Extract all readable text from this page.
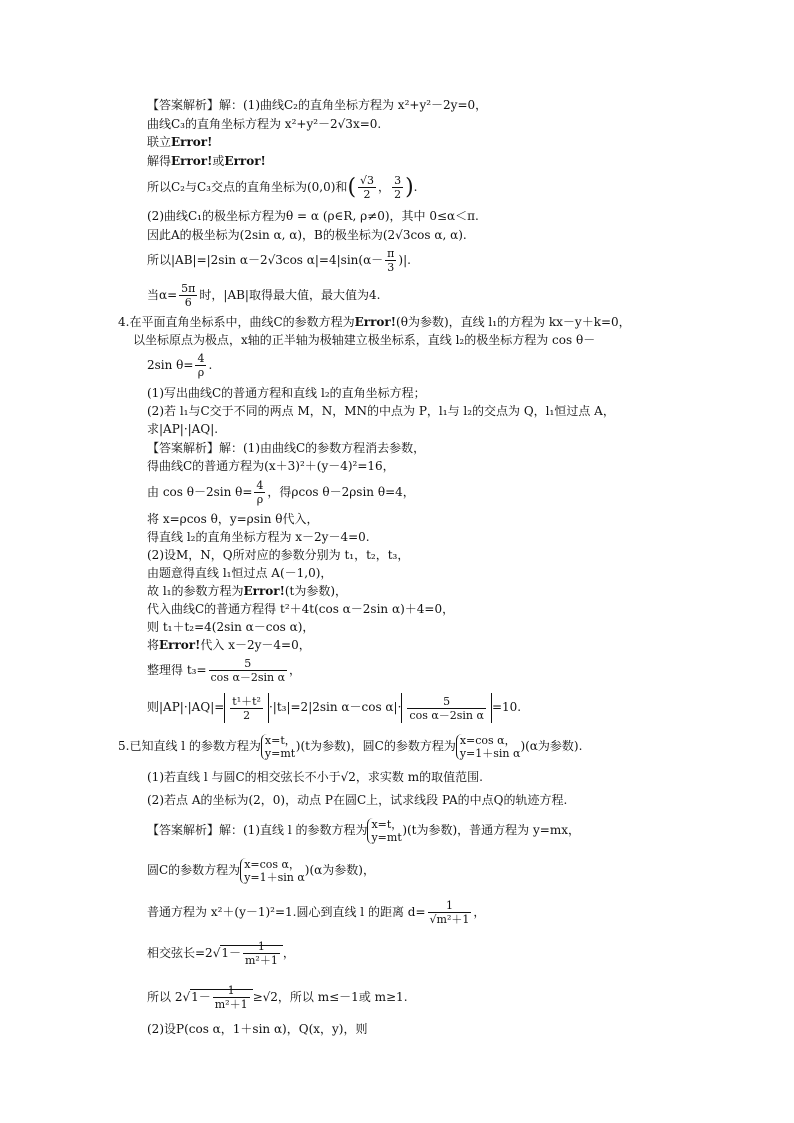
【答案解析】解：(1)曲线C₂的直角坐标方程为 x²+y²－2y=0，
曲线C₃的直角坐标方程为 x²+y²－2√3x=0.
联立Error!
解得Error!或Error!
所以C₂与C₃交点的直角坐标为(0,0)和( $\frac{√3}{2}$ ， $\frac{3}{2}$ ).
(2)曲线C₁的极坐标方程为θ = α (ρ∈R, ρ≠0)，其中 0≤α＜π.
因此A的极坐标为(2sin α, α)，B的极坐标为(2√3cos α, α).
所以|AB|=|2sin α－2√3cos $\alpha|=4|\sin(\alpha- \frac{\pi}{3}$ )|.
当$\alpha= \frac{5\pi}{6}$ 时，|AB|取得最大值，最大值为4.
4.在平面直角坐标系中，曲线C的参数方程为Error!(θ为参数)，直线 l₁的方程为 kx－y＋k=0，
以坐标原点为极点，x轴的正半轴为极轴建立极坐标系，直线 l₂的极坐标方程为 cos θ－
2sin $\theta= \frac{4}{\rho}$ .
(1)写出曲线C的普通方程和直线 l₂的直角坐标方程；
(2)若 l₁与C交于不同的两点 M，N，MN的中点为 P，l₁与 l₂的交点为 Q，l₁恒过点 A，
求|AP|·|AQ|.
【答案解析】解：(1)由曲线C的参数方程消去参数，
得曲线C的普通方程为(x＋3)²＋(y－4)²=16，
由 cos θ－2sin $\theta= \frac{4}{\rho}$ ，得ρcos θ－2ρsin θ=4，
将 x=ρcos θ，y=ρsin θ代入，
得直线 l₂的直角坐标方程为 x－2y－4=0.
(2)设M，N，Q所对应的参数分别为 t₁，t₂，t₃，
由题意得直线 l₁恒过点 A(－1,0)，
故 l₁的参数方程为Error!(t为参数)，
代入曲线C的普通方程得 t²＋4t(cos α－2sin α)＋4=0，
则 t₁＋t₂=4(2sin α－cos α)，
将Error!代入 x－2y－4=0，
整理得 $t_3= \frac{5}{\text{cos α－2sin α}}$ ，
则$|AP|\cdot|AQ|= \frac{\text{t¹＋t²}}{2} \cdot|t_3|=2|2\sin$ α－cos $\alpha|\cdot \frac{5}{\text{cos α－2sin α}} =10$.
5.已知直线 l 的参数方程为 x=t，
y=mt )(t为参数)，圆C的参数方程为 x=cos α，
y=1＋sin α )(α为参数).
(1)若直线 l 与圆C的相交弦长不小于√2，求实数 m的取值范围.
(2)若点 A的坐标为(2，0)，动点 P在圆C上，试求线段 PA的中点Q的轨迹方程.
【答案解析】解：(1)直线 l 的参数方程为 x=t，
y=mt )(t为参数)，普通方程为 y=mx，
圆C的参数方程为 x=cos α，
y=1＋sin α )(α为参数)，
普通方程为 x²＋(y－1)²=1.圆心到直线 l 的距离 $d= \frac{1}{\text{√m²＋1}}$ ，
相交弦长$=2√1- \frac{1}{\text{m²＋1}}$ ，
所以 $2√1- \frac{1}{\text{m²＋1}} \ge√2$，所以 m≤－1或 m≥1.
(2)设P(cos α，1＋sin α)，Q(x，y)，则
